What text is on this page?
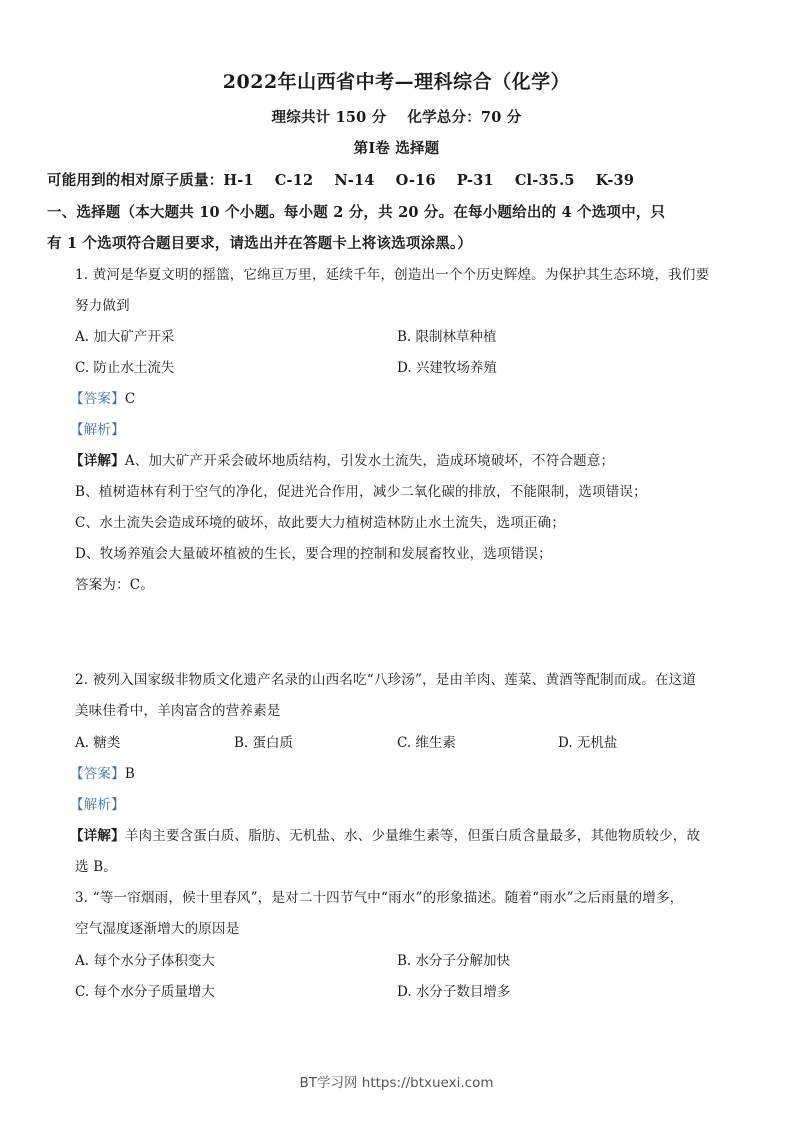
2022年山西省中考—理科综合（化学）
理综共计 150 分    化学总分：70 分
第Ⅰ卷 选择题
可能用到的相对原子质量：H-1    C-12    N-14    O-16    P-31    Cl-35.5    K-39
一、选择题（本大题共 10 个小题。每小题 2 分，共 20 分。在每小题给出的 4 个选项中，只
有 1 个选项符合题目要求，请选出并在答题卡上将该选项涂黑。）
1. 黄河是华夏文明的摇篮，它绵亘万里，延续千年，创造出一个个历史辉煌。为保护其生态环境，我们要
努力做到
A. 加大矿产开采	B. 限制林草种植
C. 防止水土流失	D. 兴建牧场养殖
【答案】C
【解析】
【详解】A、加大矿产开采会破坏地质结构，引发水土流失，造成环境破坏，不符合题意；
B、植树造林有利于空气的净化，促进光合作用，减少二氧化碳的排放，不能限制，选项错误；
C、水土流失会造成环境的破坏，故此要大力植树造林防止水土流失，选项正确；
D、牧场养殖会大量破坏植被的生长，要合理的控制和发展畜牧业，选项错误；
答案为：C。
2. 被列入国家级非物质文化遗产名录的山西名吃“八珍汤”，是由羊肉、莲菜、黄酒等配制而成。在这道
美味佳肴中，羊肉富含的营养素是
A. 糖类	B. 蛋白质	C. 维生素	D. 无机盐
【答案】B
【解析】
【详解】羊肉主要含蛋白质、脂肪、无机盐、水、少量维生素等，但蛋白质含量最多，其他物质较少，故
选 B。
3. “等一帘烟雨，候十里春风”，是对二十四节气中“雨水”的形象描述。随着“雨水”之后雨量的增多，
空气湿度逐渐增大的原因是
A. 每个水分子体积变大	B. 水分子分解加快
C. 每个水分子质量增大	D. 水分子数目增多
BT学习网 https://btxuexi.com
